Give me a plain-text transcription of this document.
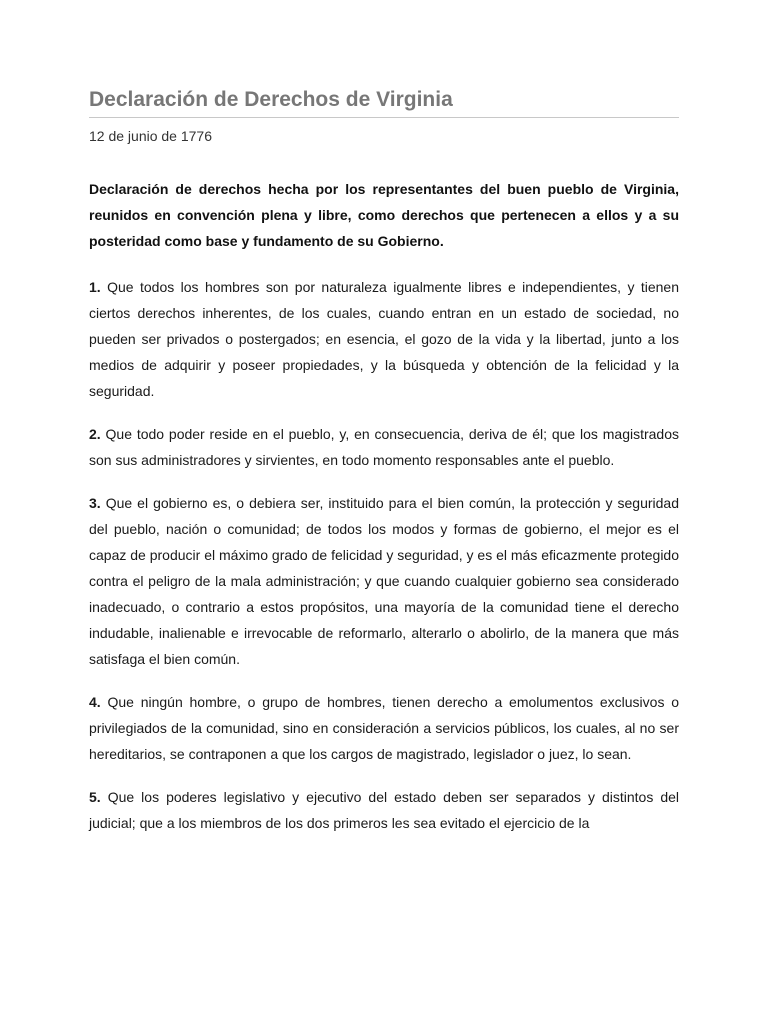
Declaración de Derechos de Virginia

12 de junio de 1776

Declaración de derechos hecha por los representantes del buen pueblo de Virginia, reunidos en convención plena y libre, como derechos que pertenecen a ellos y a su posteridad como base y fundamento de su Gobierno.

1. Que todos los hombres son por naturaleza igualmente libres e independientes, y tienen ciertos derechos inherentes, de los cuales, cuando entran en un estado de sociedad, no pueden ser privados o postergados; en esencia, el gozo de la vida y la libertad, junto a los medios de adquirir y poseer propiedades, y la búsqueda y obtención de la felicidad y la seguridad.

2. Que todo poder reside en el pueblo, y, en consecuencia, deriva de él; que los magistrados son sus administradores y sirvientes, en todo momento responsables ante el pueblo.

3. Que el gobierno es, o debiera ser, instituido para el bien común, la protección y seguridad del pueblo, nación o comunidad; de todos los modos y formas de gobierno, el mejor es el capaz de producir el máximo grado de felicidad y seguridad, y es el más eficazmente protegido contra el peligro de la mala administración; y que cuando cualquier gobierno sea considerado inadecuado, o contrario a estos propósitos, una mayoría de la comunidad tiene el derecho indudable, inalienable e irrevocable de reformarlo, alterarlo o abolirlo, de la manera que más satisfaga el bien común.

4. Que ningún hombre, o grupo de hombres, tienen derecho a emolumentos exclusivos o privilegiados de la comunidad, sino en consideración a servicios públicos, los cuales, al no ser hereditarios, se contraponen a que los cargos de magistrado, legislador o juez, lo sean.

5. Que los poderes legislativo y ejecutivo del estado deben ser separados y distintos del judicial; que a los miembros de los dos primeros les sea evitado el ejercicio de la
